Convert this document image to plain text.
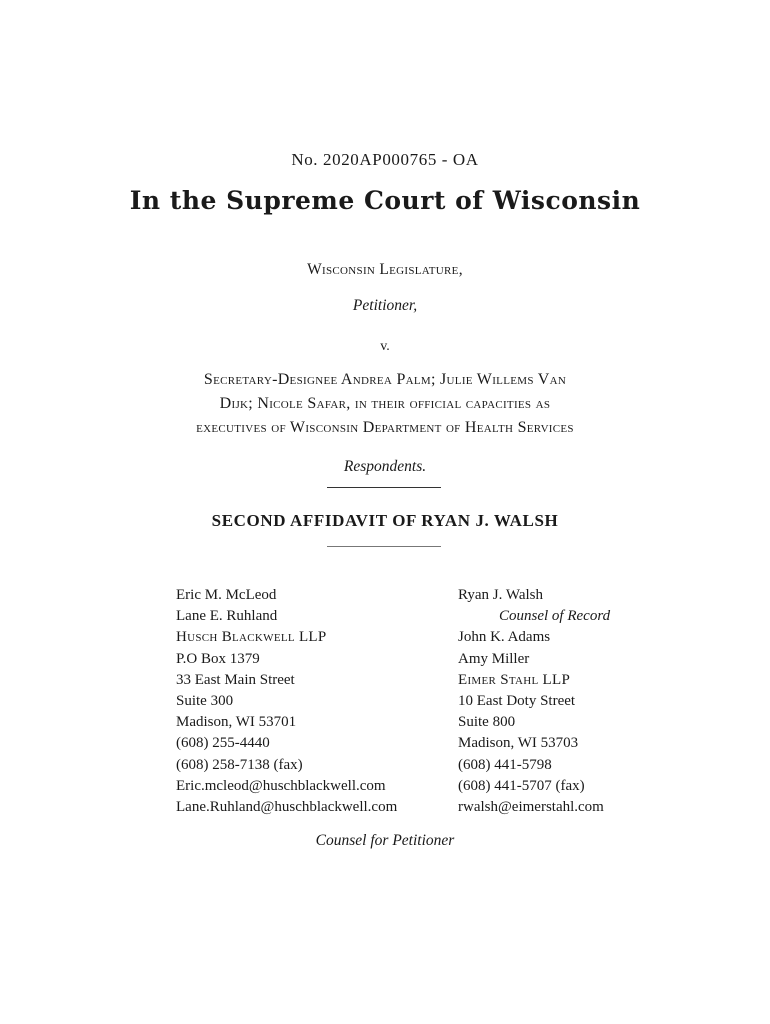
No. 2020AP000765 - OA
In the Supreme Court of Wisconsin
Wisconsin Legislature,
Petitioner,
v.
Secretary-Designee Andrea Palm; Julie Willems Van
Dijk; Nicole Safar, in their official capacities as
executives of Wisconsin Department of Health Services
Respondents.
SECOND AFFIDAVIT OF RYAN J. WALSH
Eric M. McLeod
Lane E. Ruhland
Husch Blackwell LLP
P.O Box 1379
33 East Main Street
Suite 300
Madison, WI 53701
(608) 255-4440
(608) 258-7138 (fax)
Eric.mcleod@huschblackwell.com
Lane.Ruhland@huschblackwell.com
Ryan J. Walsh
Counsel of Record
John K. Adams
Amy Miller
Eimer Stahl LLP
10 East Doty Street
Suite 800
Madison, WI 53703
(608) 441-5798
(608) 441-5707 (fax)
rwalsh@eimerstahl.com
Counsel for Petitioner
